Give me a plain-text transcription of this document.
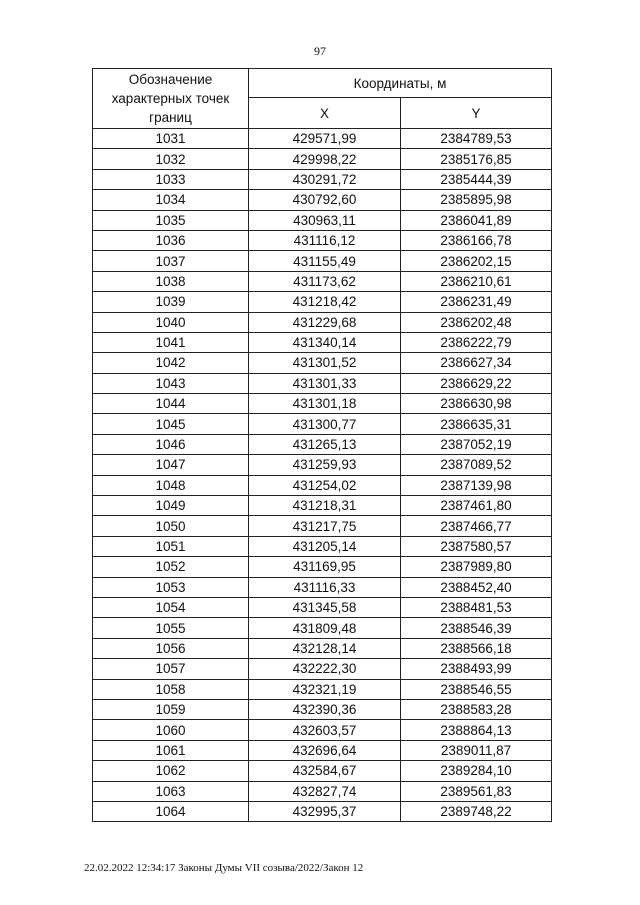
97
Обозначение характерных точек границ	Координаты, м	
	X	Y
1031	429571,99	2384789,53
1032	429998,22	2385176,85
1033	430291,72	2385444,39
1034	430792,60	2385895,98
1035	430963,11	2386041,89
1036	431116,12	2386166,78
1037	431155,49	2386202,15
1038	431173,62	2386210,61
1039	431218,42	2386231,49
1040	431229,68	2386202,48
1041	431340,14	2386222,79
1042	431301,52	2386627,34
1043	431301,33	2386629,22
1044	431301,18	2386630,98
1045	431300,77	2386635,31
1046	431265,13	2387052,19
1047	431259,93	2387089,52
1048	431254,02	2387139,98
1049	431218,31	2387461,80
1050	431217,75	2387466,77
1051	431205,14	2387580,57
1052	431169,95	2387989,80
1053	431116,33	2388452,40
1054	431345,58	2388481,53
1055	431809,48	2388546,39
1056	432128,14	2388566,18
1057	432222,30	2388493,99
1058	432321,19	2388546,55
1059	432390,36	2388583,28
1060	432603,57	2388864,13
1061	432696,64	2389011,87
1062	432584,67	2389284,10
1063	432827,74	2389561,83
1064	432995,37	2389748,22
22.02.2022 12:34:17 Законы Думы VII созыва/2022/Закон 12
